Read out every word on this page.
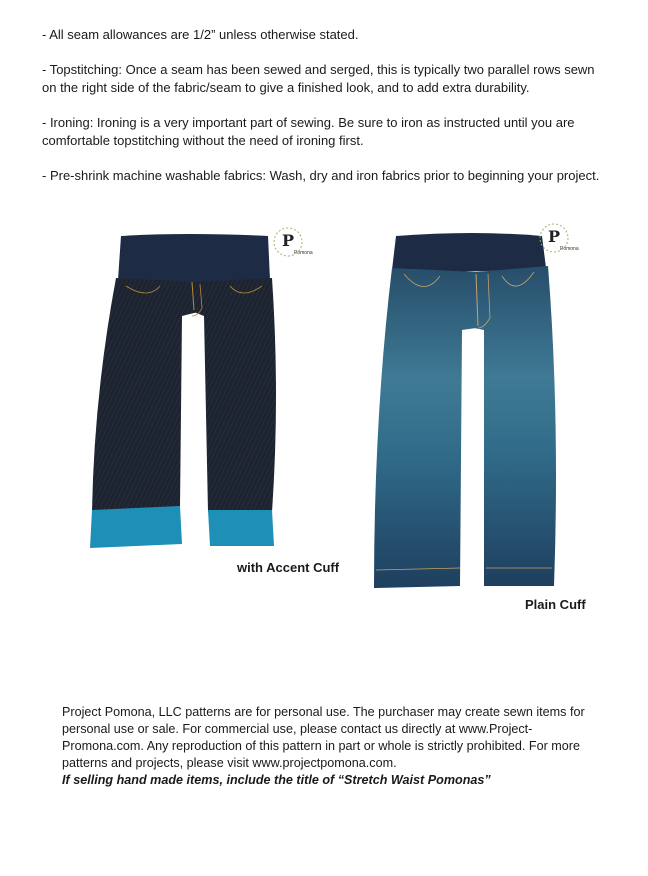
- All seam allowances are 1/2” unless otherwise stated.

- Topstitching: Once a seam has been sewed and serged, this is typically two parallel rows sewn on the right side of the fabric/seam to give a finished look, and to add extra durability.

- Ironing: Ironing is a very important part of sewing. Be sure to iron as instructed until you are comfortable topstitching without the need of ironing first.

- Pre-shrink machine washable fabrics: Wash, dry and iron fabrics prior to beginning your project.

P
Pomona
with Accent Cuff
P
Pomona
Plain Cuff

Project Pomona, LLC patterns are for personal use. The purchaser may create sewn items for personal use or sale. For commercial use, please contact us directly at www.Project-Promona.com. Any reproduction of this pattern in part or whole is strictly prohibited. For more patterns and projects, please visit www.projectpomona.com.

If selling hand made items, include the title of “Stretch Waist Pomonas”
